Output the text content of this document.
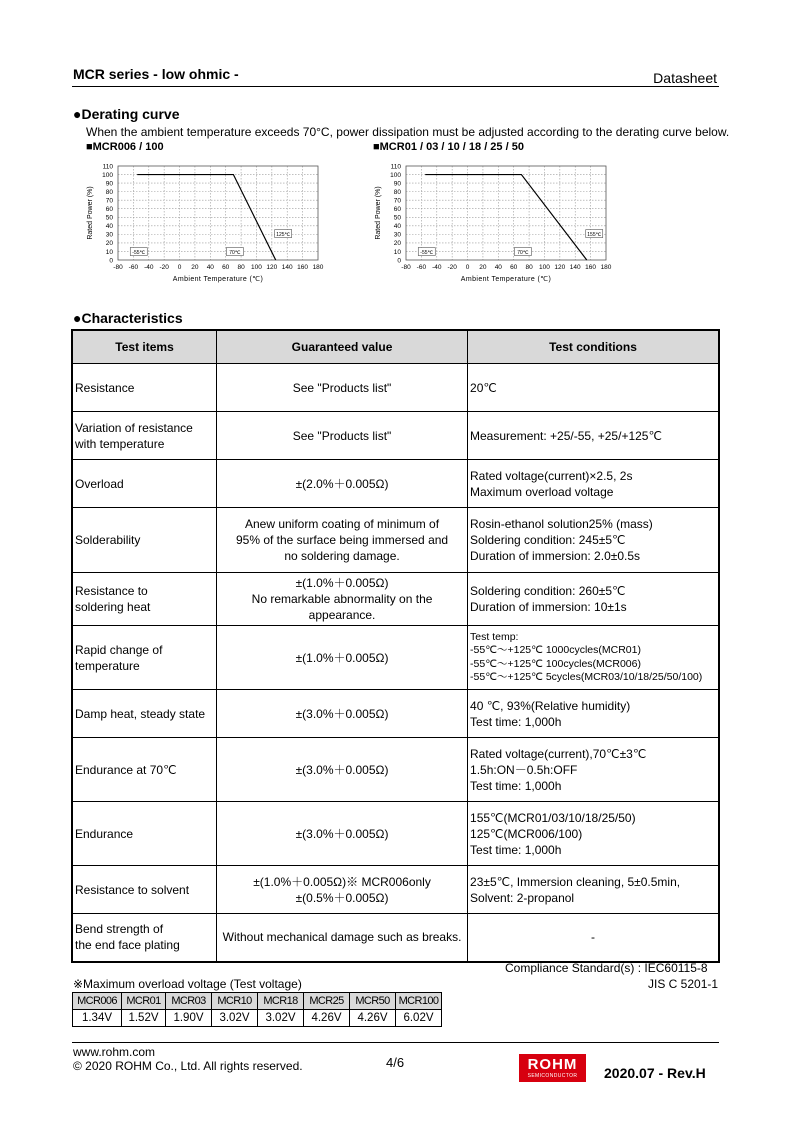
MCR series - low ohmic -	Datasheet
●Derating curve
When the ambient temperature exceeds 70°C, power dissipation must be adjusted according to the derating curve below.
■MCR006 / 100	■MCR01 / 03 / 10 / 18 / 25 / 50
-80 -60 -40 -20 0 20 40 60 80 100 120 140 160 180
0
10
20
30
40
50
60
70
80
90
100
110
Ambient Temperature (℃)
Rated Power (%)
-55℃	70℃
125℃
-80 -60 -40 -20 0 20 40 60 80 100 120 140 160 180
0
10
20
30
40
50
60
70
80
90
100
110
Ambient Temperature (℃)
Rated Power (%)
-55℃	70℃
155℃
●Characteristics
Test items	Guaranteed value	Test conditions

Resistance	See "Products list"	20℃

Variation of resistance
with temperature	See "Products list"	Measurement: +25/-55, +25/+125℃

Overload	±(2.0%＋0.005Ω)	Rated voltage(current)×2.5, 2s
Maximum overload voltage

Solderability	Anew uniform coating of minimum of
95% of the surface being immersed and
no soldering damage.	Rosin-ethanol solution25% (mass)
Soldering condition: 245±5℃
Duration of immersion: 2.0±0.5s

Resistance to
soldering heat	±(1.0%＋0.005Ω)
No remarkable abnormality on the
appearance.	Soldering condition: 260±5℃
Duration of immersion: 10±1s

Rapid change of
temperature	±(1.0%＋0.005Ω)	Test temp:
-55℃～+125℃ 1000cycles(MCR01)
-55℃～+125℃ 100cycles(MCR006)
-55℃～+125℃ 5cycles(MCR03/10/18/25/50/100)

Damp heat, steady state	±(3.0%＋0.005Ω)	40 ℃, 93%(Relative humidity)
Test time: 1,000h

Endurance at 70℃	±(3.0%＋0.005Ω)	Rated voltage(current),70℃±3℃
1.5h:ON－0.5h:OFF
Test time: 1,000h

Endurance	±(3.0%＋0.005Ω)	155℃(MCR01/03/10/18/25/50)
125℃(MCR006/100)
Test time: 1,000h

Resistance to solvent	±(1.0%＋0.005Ω)※ MCR006only
±(0.5%＋0.005Ω)	23±5℃, Immersion cleaning, 5±0.5min,
Solvent: 2-propanol

Bend strength of
the end face plating	Without mechanical damage such as breaks.	-
Compliance Standard(s) : IEC60115-8
JIS C 5201-1
※Maximum overload voltage (Test voltage)
MCR006	MCR01	MCR03	MCR10	MCR18	MCR25	MCR50	MCR100
1.34V	1.52V	1.90V	3.02V	3.02V	4.26V	4.26V	6.02V
www.rohm.com
© 2020 ROHM Co., Ltd. All rights reserved.	4/6	ROHM
SEMICONDUCTOR	2020.07 - Rev.H
